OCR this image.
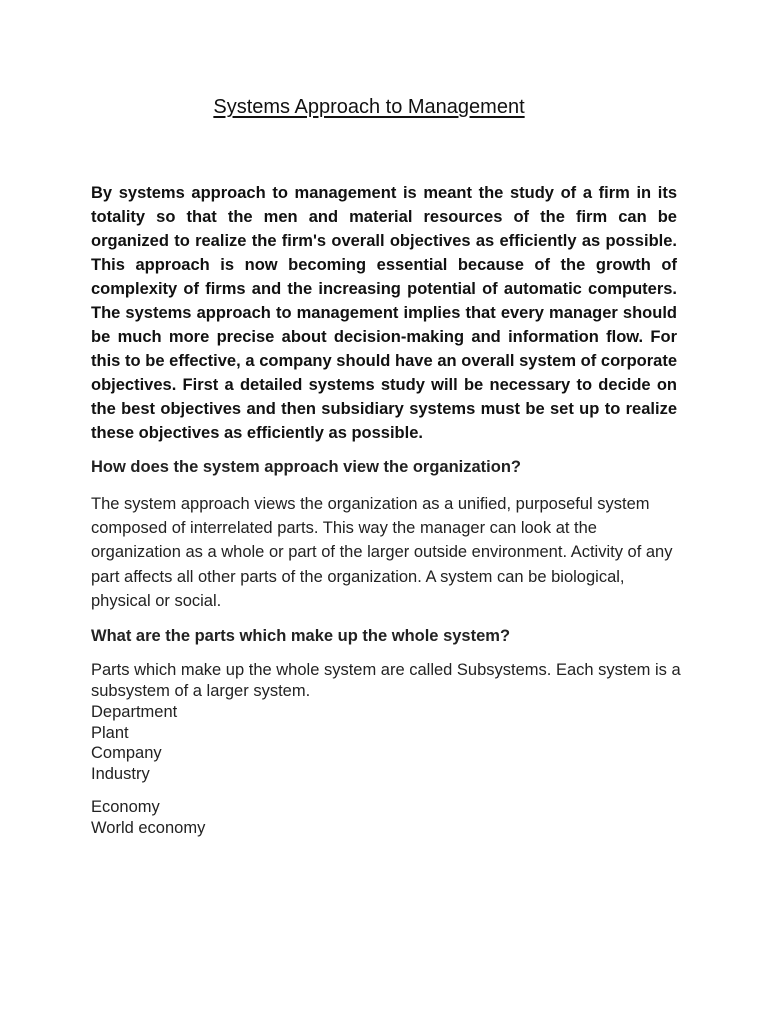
Systems Approach to Management

By systems approach to management is meant the study of a firm in its totality so that the men and material resources of the firm can be organized to realize the firm's overall objectives as efficiently as possible. This approach is now becoming essential because of the growth of complexity of firms and the increasing potential of automatic computers. The systems approach to management implies that every manager should be much more precise about decision-making and information flow. For this to be effective, a company should have an overall system of corporate objectives. First a detailed systems study will be necessary to decide on the best objectives and then subsidiary systems must be set up to realize these objectives as efficiently as possible.

How does the system approach view the organization?

The system approach views the organization as a unified, purposeful system composed of interrelated parts. This way the manager can look at the organization as a whole or part of the larger outside environment. Activity of any part affects all other parts of the organization. A system can be biological, physical or social.

What are the parts which make up the whole system?

Parts which make up the whole system are called Subsystems. Each system is a subsystem of a larger system.

Department
Plant
Company
Industry
Economy
World economy
